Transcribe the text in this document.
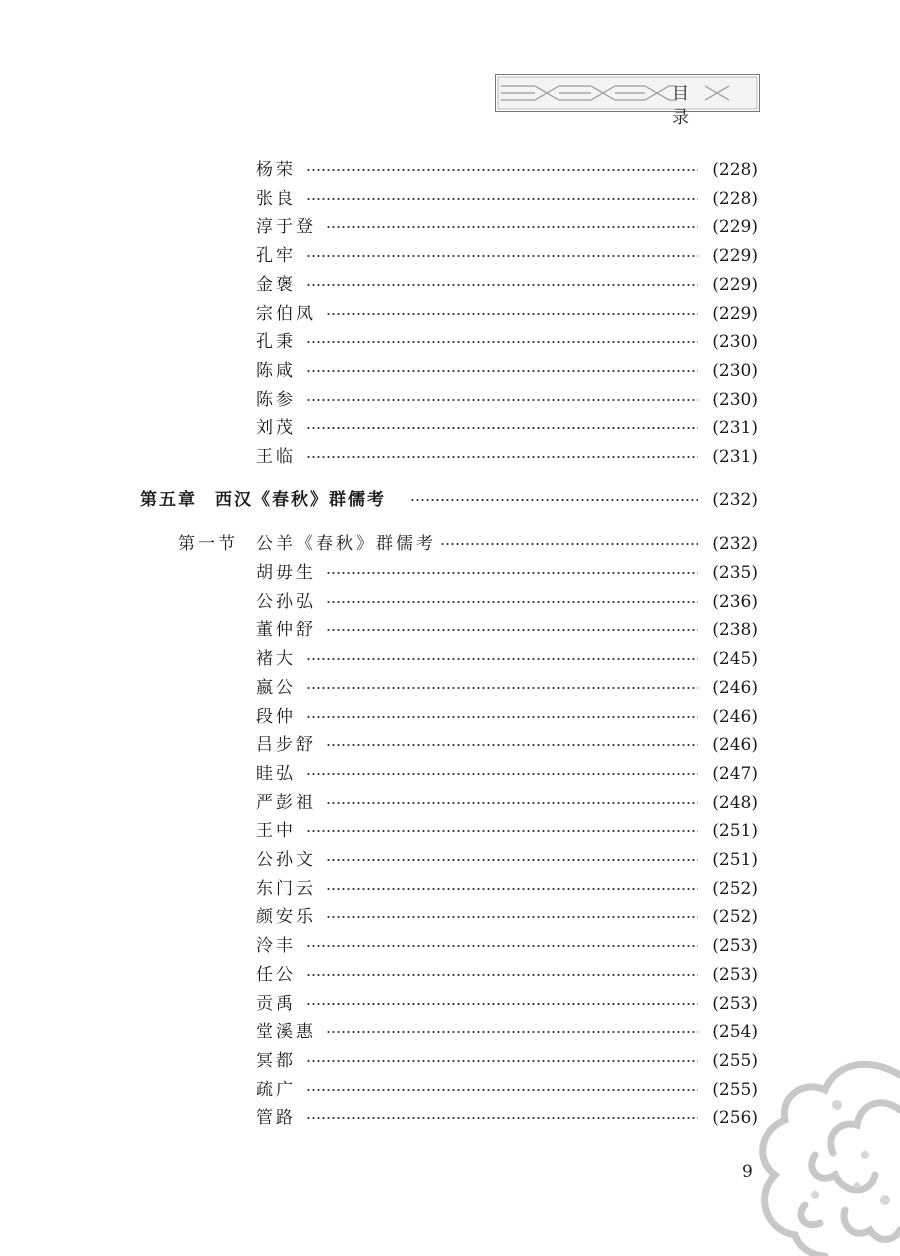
目 录
杨荣	(228)
张良	(228)
淳于登	(229)
孔牢	(229)
金褒	(229)
宗伯凤	(229)
孔秉	(230)
陈咸	(230)
陈参	(230)
刘茂	(231)
王临	(231)
第五章 西汉《春秋》群儒考	(232)
第一节 公羊《春秋》群儒考	(232)
胡毋生	(235)
公孙弘	(236)
董仲舒	(238)
褚大	(245)
嬴公	(246)
段仲	(246)
吕步舒	(246)
眭弘	(247)
严彭祖	(248)
王中	(251)
公孙文	(251)
东门云	(252)
颜安乐	(252)
泠丰	(253)
任公	(253)
贡禹	(253)
堂溪惠	(254)
冥都	(255)
疏广	(255)
管路	(256)
9
